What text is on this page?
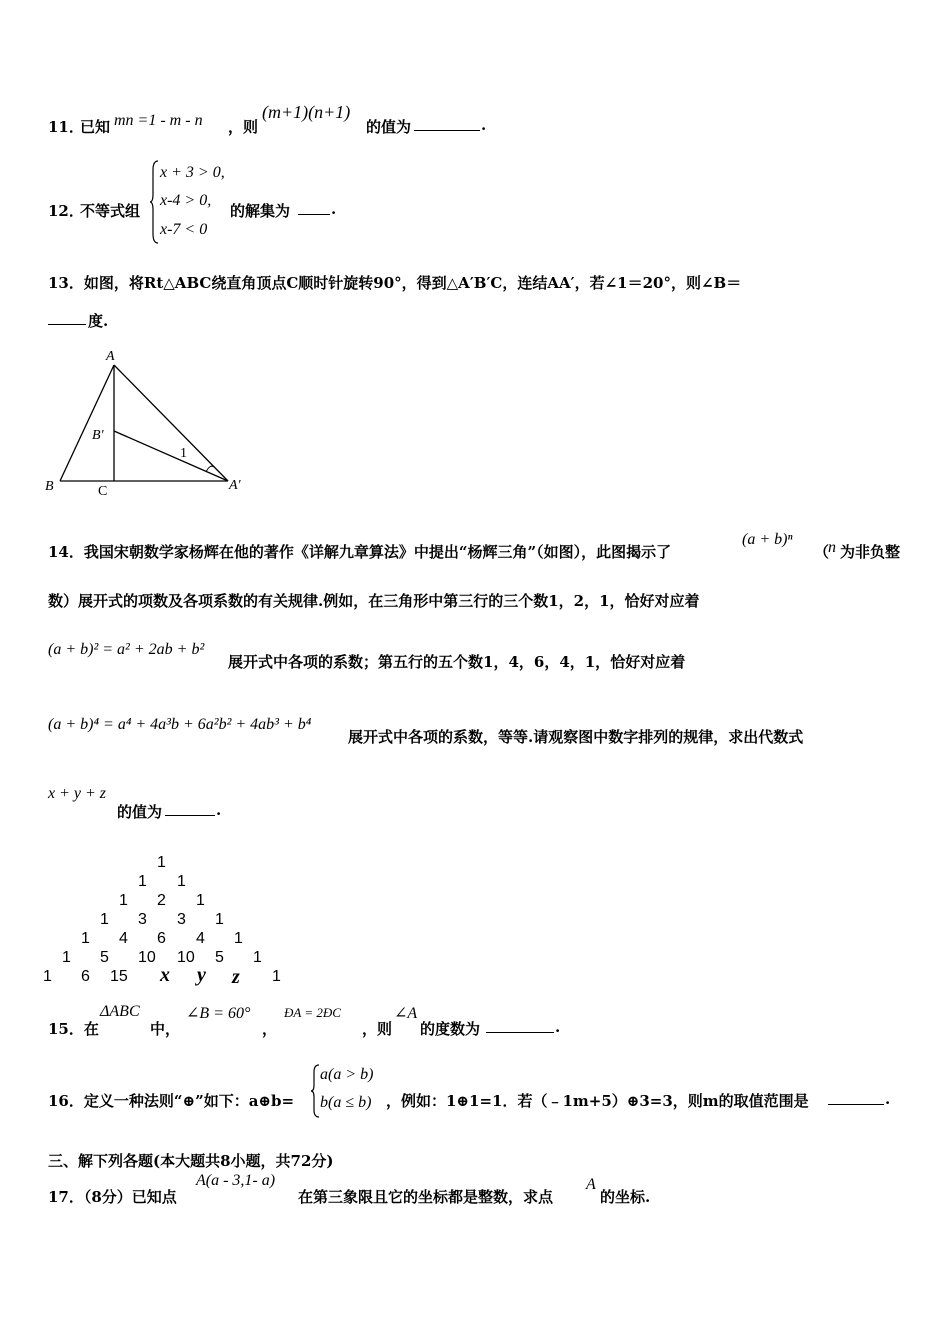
11．
已知 mn =1 - m - n ，则
(m+1)(n+1)
的值为	.
12．
不等式组
x + 3 > 0,
x-4 > 0,
x-7 < 0
的解集为	.
13．如图，将Rt△ABC绕直角顶点C顺时针旋转90°，得到△A′B′C，连结AA′，若∠1＝20°，则∠B＝
度.
A
B	C
B′
A′
1
14．我国宋朝数学家杨辉在他的著作《详解九章算法》中提出“杨辉三角”（如图），此图揭示了
(a + b)ⁿ
（
n 为非负整
数）展开式的项数及各项系数的有关规律.例如，在三角形中第三行的三个数1，2，1，恰好对应着
(a + b)² = a² + 2ab + b²
展开式中各项的系数；第五行的五个数1，4，6，4，1，恰好对应着
(a + b)⁴ = a⁴ + 4a³b + 6a²b² + 4ab³ + b⁴
展开式中各项的系数，等等.请观察图中数字排列的规律，求出代数式
x + y + z
的值为	.
1
1 1
1 2 1
1 3 3 1
1 4 6 4 1
1 5 10 10 5 1
1 6 15 x y z 1
15．在
ΔABC
中，
∠B = 60°
，
ÐA = 2ÐC
，则
∠A
的度数为	.
16．定义一种法则“⊕”如下：a⊕b=
a(a > b)
b(a ≤ b) ，例如：1⊕1=1．若（﹣1m+5）⊕3=3，则m的取值范围是	.
三、解下列各题(本大题共8小题，共72分)
17．（8分）已知点
A(a - 3,1- a)
在第三象限且它的坐标都是整数，求点
A
的坐标.
